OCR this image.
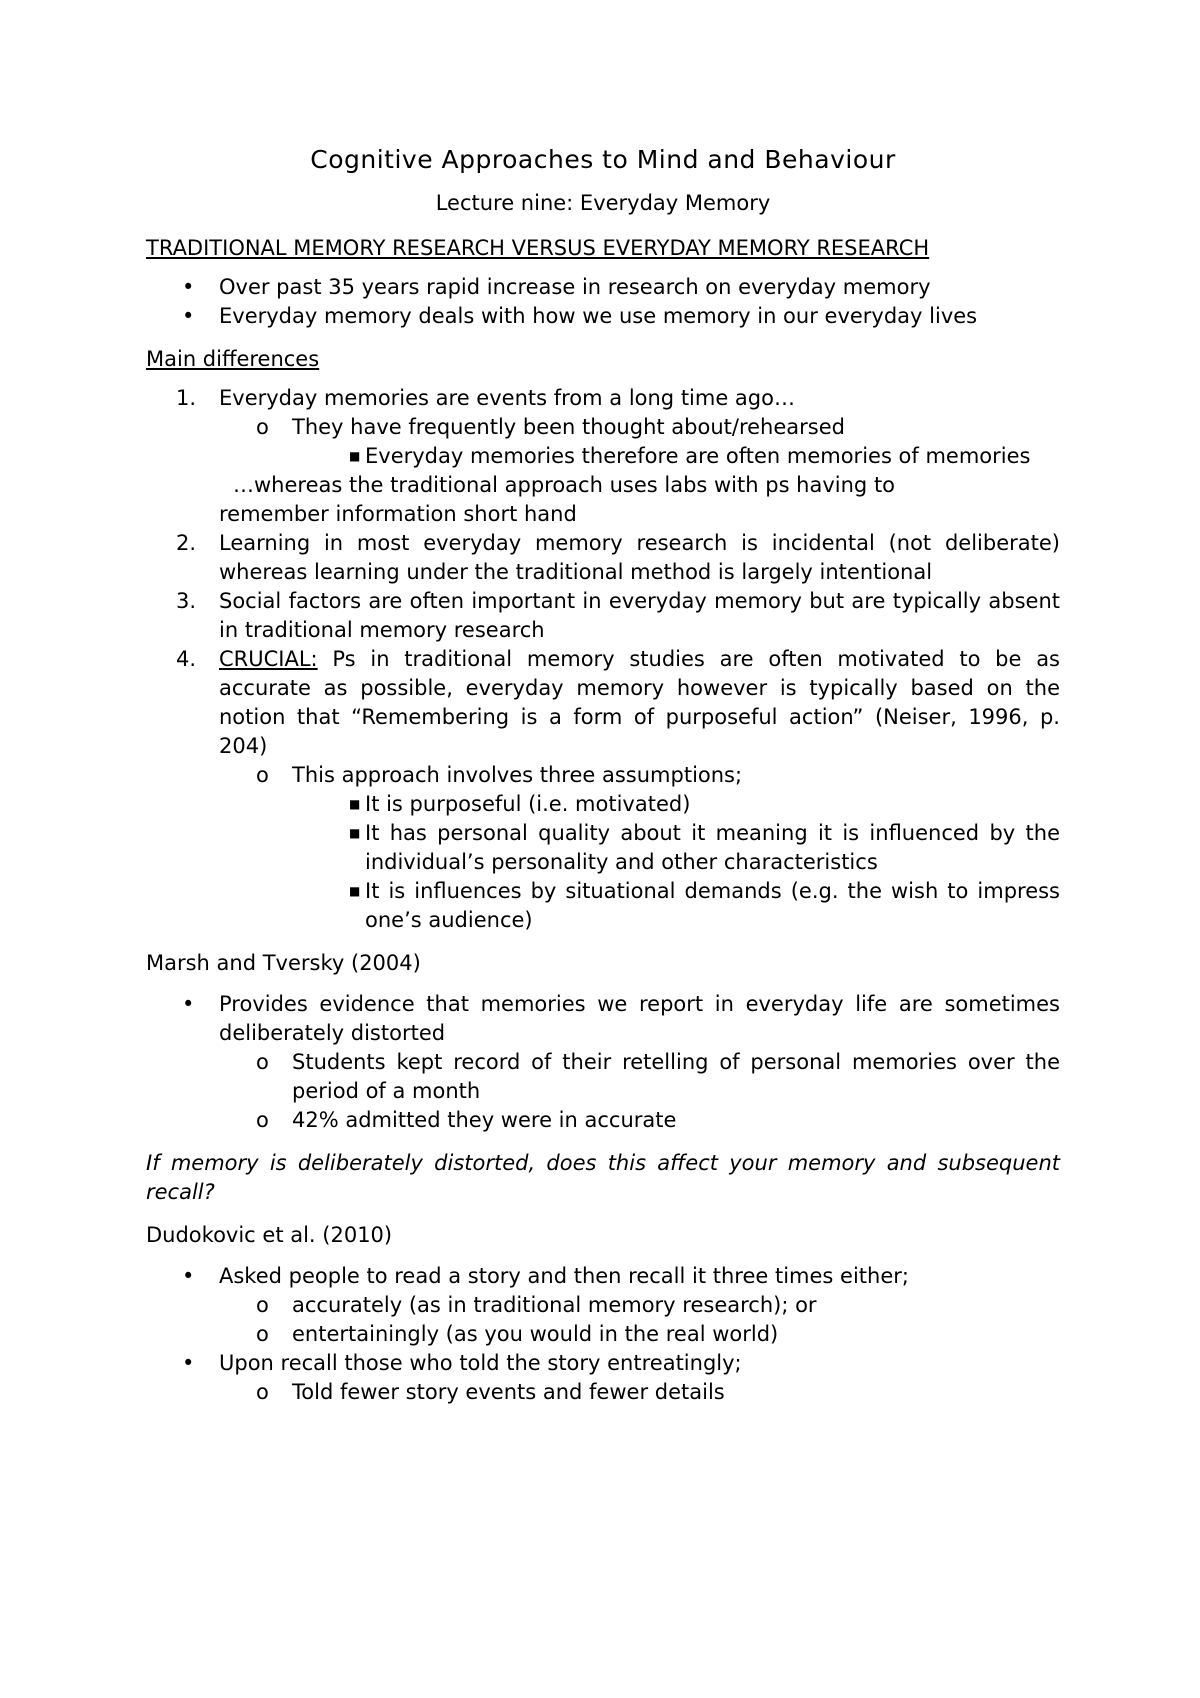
Cognitive Approaches to Mind and Behaviour
Lecture nine: Everyday Memory
TRADITIONAL MEMORY RESEARCH VERSUS EVERYDAY MEMORY RESEARCH
• Over past 35 years rapid increase in research on everyday memory
• Everyday memory deals with how we use memory in our everyday lives
Main differences
1. Everyday memories are events from a long time ago…
o They have frequently been thought about/rehearsed
■ Everyday memories therefore are often memories of memories
…whereas the traditional approach uses labs with ps having to
remember information short hand
2. Learning in most everyday memory research is incidental (not deliberate) whereas learning under the traditional method is largely intentional
3. Social factors are often important in everyday memory but are typically absent in traditional memory research
4. CRUCIAL: Ps in traditional memory studies are often motivated to be as accurate as possible, everyday memory however is typically based on the notion that “Remembering is a form of purposeful action” (Neiser, 1996, p. 204)
o This approach involves three assumptions;
■ It is purposeful (i.e. motivated)
■ It has personal quality about it meaning it is influenced by the individual’s personality and other characteristics
■ It is influences by situational demands (e.g. the wish to impress one’s audience)
Marsh and Tversky (2004)
• Provides evidence that memories we report in everyday life are sometimes deliberately distorted
o Students kept record of their retelling of personal memories over the period of a month
o 42% admitted they were in accurate
If memory is deliberately distorted, does this affect your memory and subsequent recall?
Dudokovic et al. (2010)
• Asked people to read a story and then recall it three times either;
o accurately (as in traditional memory research); or
o entertainingly (as you would in the real world)
• Upon recall those who told the story entreatingly;
o Told fewer story events and fewer details
